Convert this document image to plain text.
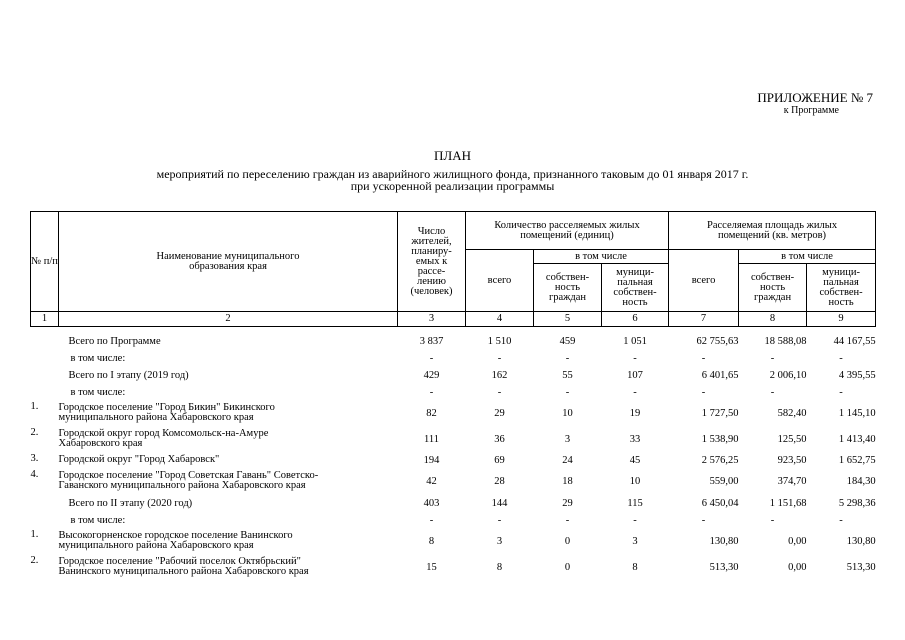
ПРИЛОЖЕНИЕ № 7
к Программе
ПЛАН
мероприятий по переселению граждан из аварийного жилищного фонда, признанного таковым до 01 января 2017 г.
при ускоренной реализации программы
№ п/п	Наименование муниципального образования края	Число жителей, планиру-емых к рассе-лению (человек)	Количество расселяемых жилых помещений (единиц)			Расселяемая площадь жилых помещений (кв. метров)		
			всего	в том числе		всего	в том числе	
				собствен-ность граждан	муници-пальная собствен-ность		собствен-ность граждан	муници-пальная собствен-ность
1	2	3	4	5	6	7	8	9

	Всего по Программе	3 837	1 510	459	1 051	62 755,63	18 588,08	44 167,55
	в том числе:	-	-	-	-	-	-	-
	Всего по I этапу (2019 год)	429	162	55	107	6 401,65	2 006,10	4 395,55
	в том числе:	-	-	-	-	-	-	-
1.	Городское поселение "Город Бикин" Бикинского муниципального района Хабаровского края	82	29	10	19	1 727,50	582,40	1 145,10
2.	Городской округ город Комсомольск-на-Амуре Хабаровского края	111	36	3	33	1 538,90	125,50	1 413,40
3.	Городской округ "Город Хабаровск"	194	69	24	45	2 576,25	923,50	1 652,75
4.	Городское поселение "Город Советская Гавань" Советско-Гаванского муниципального района Хабаровского края	42	28	18	10	559,00	374,70	184,30
	Всего по II этапу (2020 год)	403	144	29	115	6 450,04	1 151,68	5 298,36
	в том числе:	-	-	-	-	-	-	-
1.	Высокогорненское городское поселение Ванинского муниципального района Хабаровского края	8	3	0	3	130,80	0,00	130,80
2.	Городское поселение "Рабочий поселок Октябрьский" Ванинского муниципального района Хабаровского края	15	8	0	8	513,30	0,00	513,30
